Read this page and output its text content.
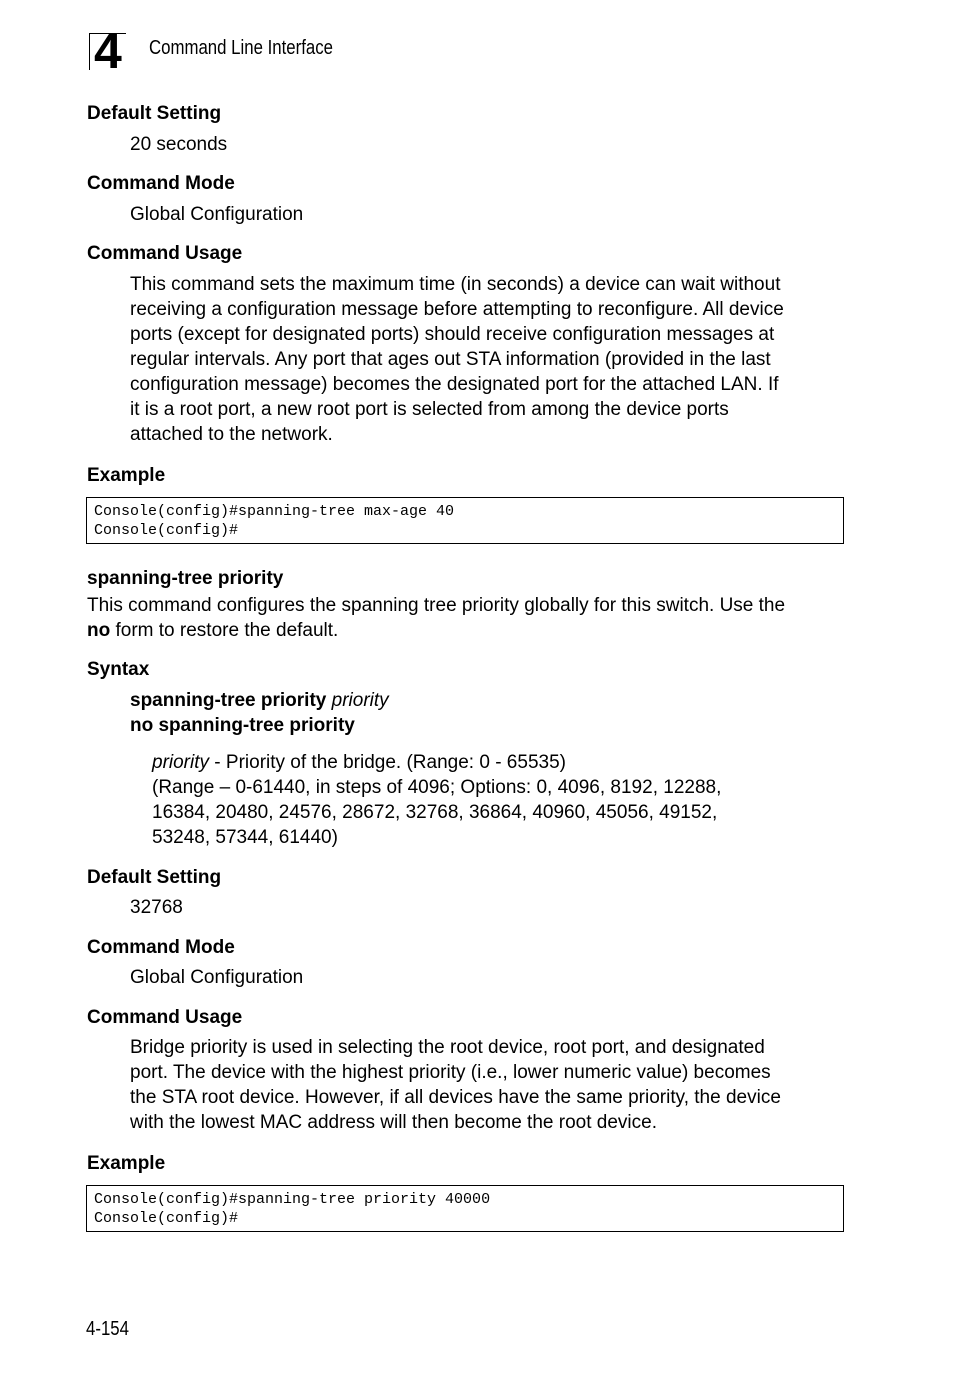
4 Command Line Interface
Default Setting
20 seconds
Command Mode
Global Configuration
Command Usage
This command sets the maximum time (in seconds) a device can wait without
receiving a configuration message before attempting to reconfigure. All device
ports (except for designated ports) should receive configuration messages at
regular intervals. Any port that ages out STA information (provided in the last
configuration message) becomes the designated port for the attached LAN. If
it is a root port, a new root port is selected from among the device ports
attached to the network.
Example
Console(config)#spanning-tree max-age 40
Console(config)#
spanning-tree priority
This command configures the spanning tree priority globally for this switch. Use the
no form to restore the default.
Syntax
spanning-tree priority priority
no spanning-tree priority
priority - Priority of the bridge. (Range: 0 - 65535)
(Range – 0-61440, in steps of 4096; Options: 0, 4096, 8192, 12288,
16384, 20480, 24576, 28672, 32768, 36864, 40960, 45056, 49152,
53248, 57344, 61440)
Default Setting
32768
Command Mode
Global Configuration
Command Usage
Bridge priority is used in selecting the root device, root port, and designated
port. The device with the highest priority (i.e., lower numeric value) becomes
the STA root device. However, if all devices have the same priority, the device
with the lowest MAC address will then become the root device.
Example
Console(config)#spanning-tree priority 40000
Console(config)#
4-154
